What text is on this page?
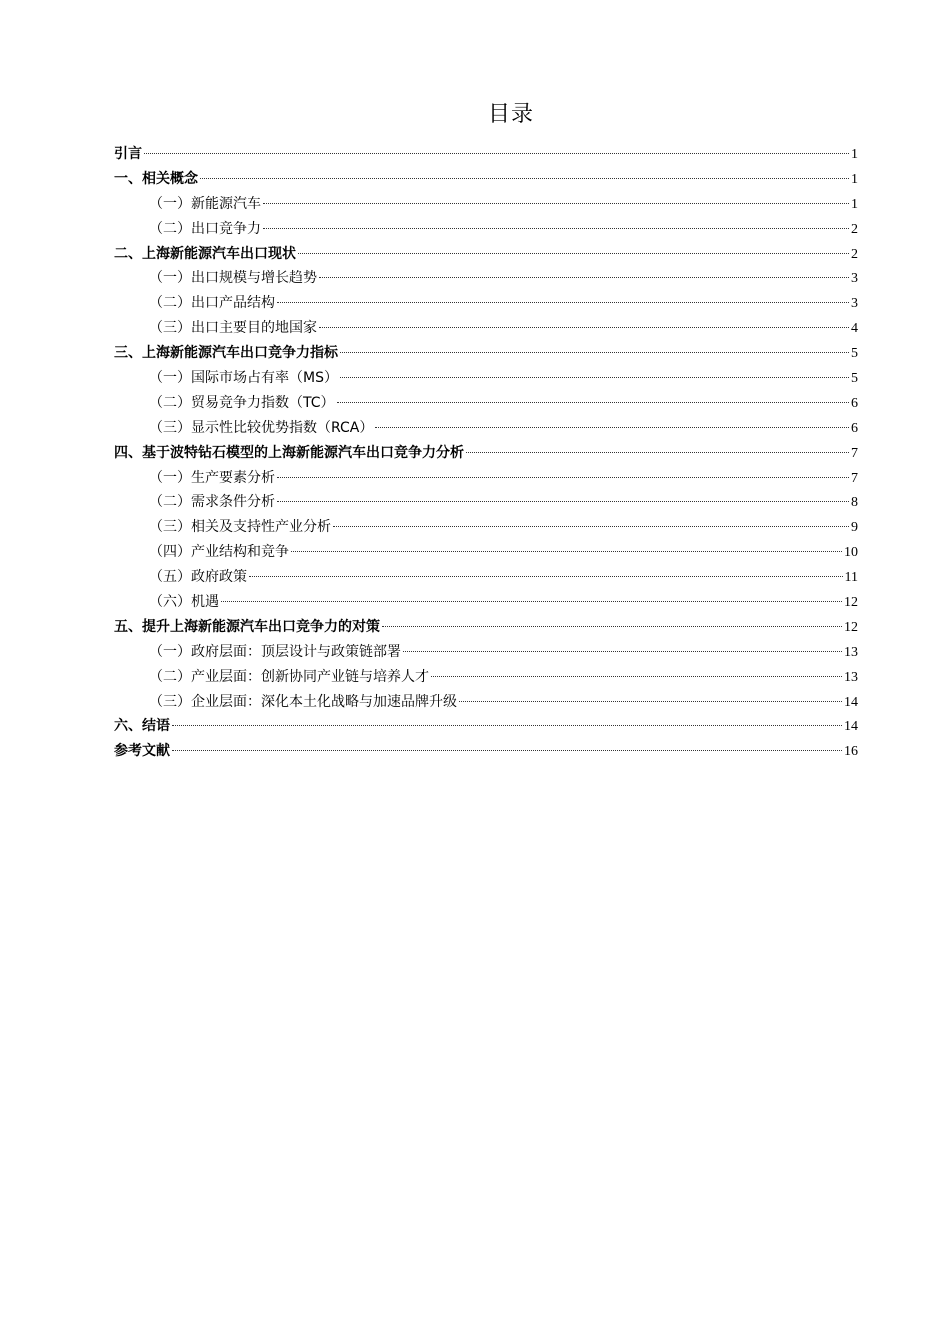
目录
引言	1
一、相关概念	1
（一）新能源汽车	1
（二）出口竞争力	2
二、上海新能源汽车出口现状	2
（一）出口规模与增长趋势	3
（二）出口产品结构	3
（三）出口主要目的地国家	4
三、上海新能源汽车出口竞争力指标	5
（一）国际市场占有率（MS）	5
（二）贸易竞争力指数（TC）	6
（三）显示性比较优势指数（RCA）	6
四、基于波特钻石模型的上海新能源汽车出口竞争力分析	7
（一）生产要素分析	7
（二）需求条件分析	8
（三）相关及支持性产业分析	9
（四）产业结构和竞争	10
（五）政府政策	11
（六）机遇	12
五、提升上海新能源汽车出口竞争力的对策	12
（一）政府层面：顶层设计与政策链部署	13
（二）产业层面：创新协同产业链与培养人才	13
（三）企业层面：深化本土化战略与加速品牌升级	14
六、结语	14
参考文献	16
